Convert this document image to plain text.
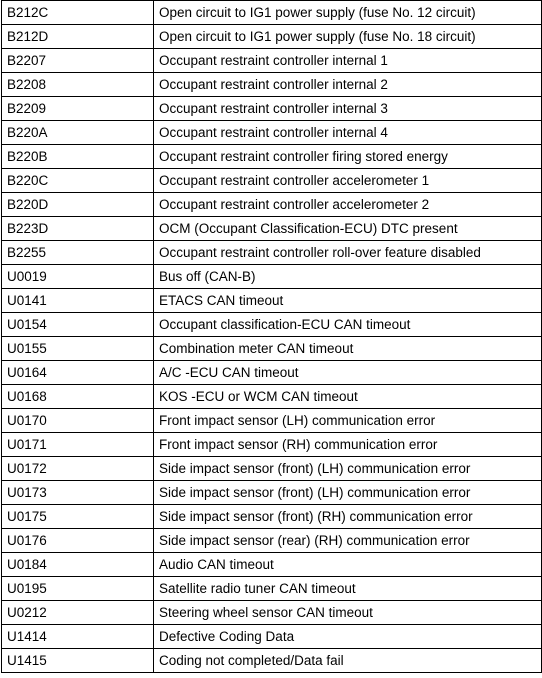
B212C	Open circuit to IG1 power supply (fuse No. 12 circuit)
B212D	Open circuit to IG1 power supply (fuse No. 18 circuit)
B2207	Occupant restraint controller internal 1
B2208	Occupant restraint controller internal 2
B2209	Occupant restraint controller internal 3
B220A	Occupant restraint controller internal 4
B220B	Occupant restraint controller firing stored energy
B220C	Occupant restraint controller accelerometer 1
B220D	Occupant restraint controller accelerometer 2
B223D	OCM (Occupant Classification-ECU) DTC present
B2255	Occupant restraint controller roll-over feature disabled
U0019	Bus off (CAN-B)
U0141	ETACS CAN timeout
U0154	Occupant classification-ECU CAN timeout
U0155	Combination meter CAN timeout
U0164	A/C -ECU CAN timeout
U0168	KOS -ECU or WCM CAN timeout
U0170	Front impact sensor (LH) communication error
U0171	Front impact sensor (RH) communication error
U0172	Side impact sensor (front) (LH) communication error
U0173	Side impact sensor (front) (LH) communication error
U0175	Side impact sensor (front) (RH) communication error
U0176	Side impact sensor (rear) (RH) communication error
U0184	Audio CAN timeout
U0195	Satellite radio tuner CAN timeout
U0212	Steering wheel sensor CAN timeout
U1414	Defective Coding Data
U1415	Coding not completed/Data fail
